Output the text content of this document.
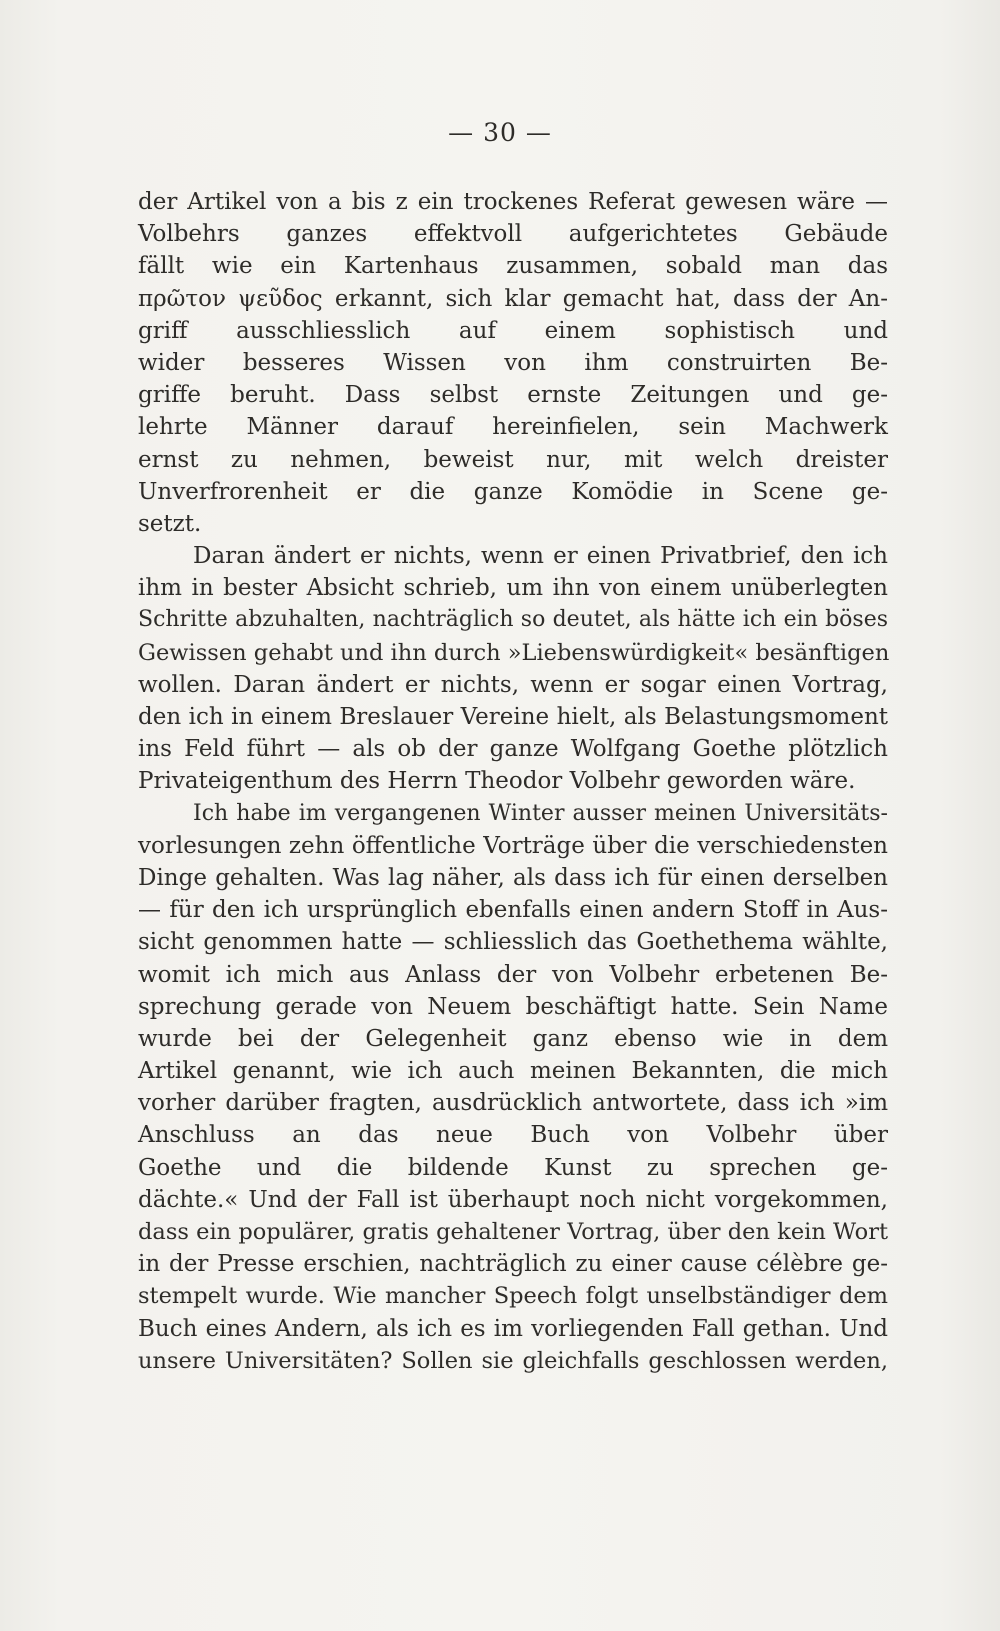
— 30 —
der Artikel von a bis z ein trockenes Referat gewesen wäre —
Volbehrs ganzes effektvoll aufgerichtetes Gebäude
fällt wie ein Kartenhaus zusammen, sobald man das
πρῶτον ψεῦδος erkannt, sich klar gemacht hat, dass der An-
griff ausschliesslich auf einem sophistisch und
wider besseres Wissen von ihm construirten Be-
griffe beruht. Dass selbst ernste Zeitungen und ge-
lehrte Männer darauf hereinfielen, sein Machwerk
ernst zu nehmen, beweist nur, mit welch dreister
Unverfrorenheit er die ganze Komödie in Scene ge-
setzt.
Daran ändert er nichts, wenn er einen Privatbrief, den ich
ihm in bester Absicht schrieb, um ihn von einem unüberlegten
Schritte abzuhalten, nachträglich so deutet, als hätte ich ein böses
Gewissen gehabt und ihn durch »Liebenswürdigkeit« besänftigen
wollen. Daran ändert er nichts, wenn er sogar einen Vortrag,
den ich in einem Breslauer Vereine hielt, als Belastungsmoment
ins Feld führt — als ob der ganze Wolfgang Goethe plötzlich
Privateigenthum des Herrn Theodor Volbehr geworden wäre.
Ich habe im vergangenen Winter ausser meinen Universitäts-
vorlesungen zehn öffentliche Vorträge über die verschiedensten
Dinge gehalten. Was lag näher, als dass ich für einen derselben
— für den ich ursprünglich ebenfalls einen andern Stoff in Aus-
sicht genommen hatte — schliesslich das Goethethema wählte,
womit ich mich aus Anlass der von Volbehr erbetenen Be-
sprechung gerade von Neuem beschäftigt hatte. Sein Name
wurde bei der Gelegenheit ganz ebenso wie in dem
Artikel genannt, wie ich auch meinen Bekannten, die mich
vorher darüber fragten, ausdrücklich antwortete, dass ich »im
Anschluss an das neue Buch von Volbehr über
Goethe und die bildende Kunst zu sprechen ge-
dächte.« Und der Fall ist überhaupt noch nicht vorgekommen,
dass ein populärer, gratis gehaltener Vortrag, über den kein Wort
in der Presse erschien, nachträglich zu einer cause célèbre ge-
stempelt wurde. Wie mancher Speech folgt unselbständiger dem
Buch eines Andern, als ich es im vorliegenden Fall gethan. Und
unsere Universitäten? Sollen sie gleichfalls geschlossen werden,
